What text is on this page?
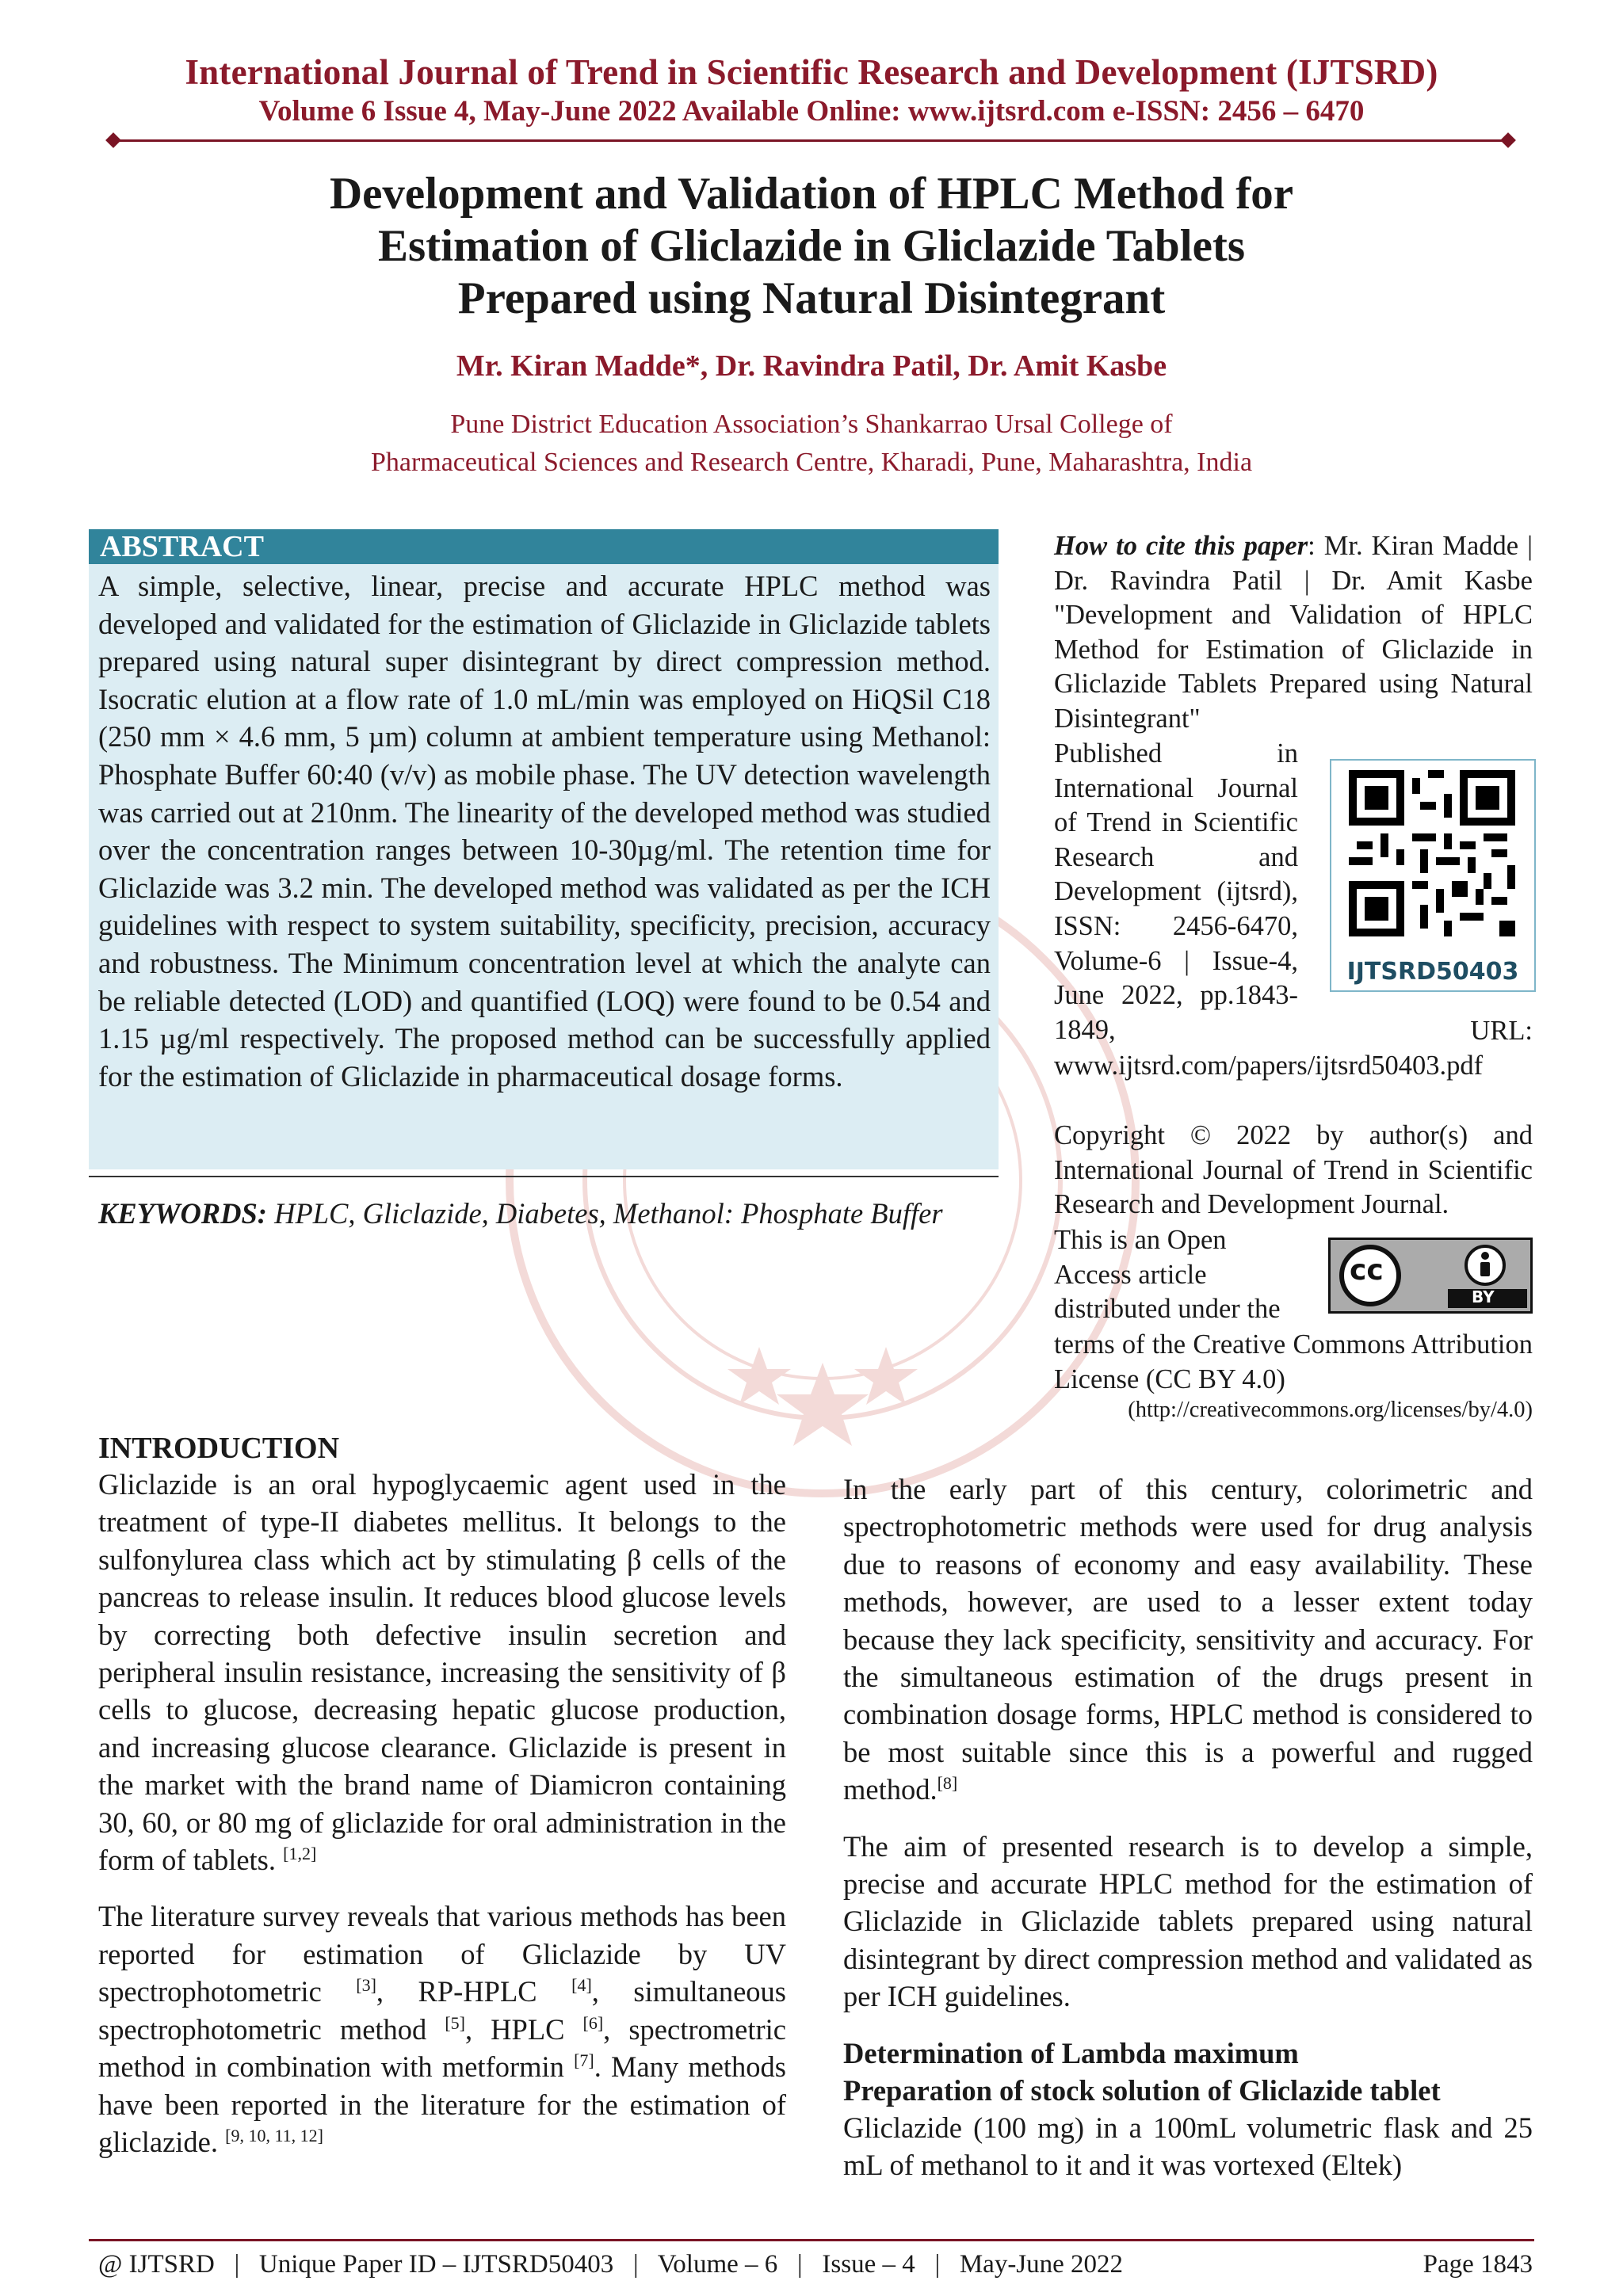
International Journal of Trend in Scientific Research and Development (IJTSRD)
Volume 6 Issue 4, May-June 2022 Available Online: www.ijtsrd.com e-ISSN: 2456 – 6470
Development and Validation of HPLC Method for
Estimation of Gliclazide in Gliclazide Tablets
Prepared using Natural Disintegrant
Mr. Kiran Madde*, Dr. Ravindra Patil, Dr. Amit Kasbe
Pune District Education Association’s Shankarrao Ursal College of
Pharmaceutical Sciences and Research Centre, Kharadi, Pune, Maharashtra, India
ABSTRACT
A simple, selective, linear, precise and accurate HPLC method was developed and validated for the estimation of Gliclazide in Gliclazide tablets prepared using natural super disintegrant by direct compression method. Isocratic elution at a flow rate of 1.0 mL/min was employed on HiQSil C18 (250 mm × 4.6 mm, 5 µm) column at ambient temperature using Methanol: Phosphate Buffer 60:40 (v/v) as mobile phase. The UV detection wavelength was carried out at 210nm. The linearity of the developed method was studied over the concentration ranges between 10-30µg/ml. The retention time for Gliclazide was 3.2 min. The developed method was validated as per the ICH guidelines with respect to system suitability, specificity, precision, accuracy and robustness. The Minimum concentration level at which the analyte can be reliable detected (LOD) and quantified (LOQ) were found to be 0.54 and 1.15 µg/ml respectively. The proposed method can be successfully applied for the estimation of Gliclazide in pharmaceutical dosage forms.
KEYWORDS: HPLC, Gliclazide, Diabetes, Methanol: Phosphate Buffer
How to cite this paper: Mr. Kiran Madde | Dr. Ravindra Patil | Dr. Amit Kasbe "Development and Validation of HPLC Method for Estimation of Gliclazide in Gliclazide Tablets Prepared using Natural Disintegrant"
Published in International Journal of Trend in Scientific Research and Development (ijtsrd), ISSN: 2456-6470, Volume-6 | Issue-4, June 2022, pp.1843-1849,
IJTSRD50403
URL:
www.ijtsrd.com/papers/ijtsrd50403.pdf
Copyright © 2022 by author(s) and International Journal of Trend in Scientific Research and Development Journal.
This is an Open Access article distributed under the
cc
BY
terms of the Creative Commons Attribution License (CC BY 4.0)
(http://creativecommons.org/licenses/by/4.0)
INTRODUCTION

Gliclazide is an oral hypoglycaemic agent used in the treatment of type-II diabetes mellitus. It belongs to the sulfonylurea class which act by stimulating β cells of the pancreas to release insulin. It reduces blood glucose levels by correcting both defective insulin secretion and peripheral insulin resistance, increasing the sensitivity of β cells to glucose, decreasing hepatic glucose production, and increasing glucose clearance. Gliclazide is present in the market with the brand name of Diamicron containing 30, 60, or 80 mg of gliclazide for oral administration in the form of tablets. [1,2]

The literature survey reveals that various methods has been reported for estimation of Gliclazide by UV spectrophotometric [3], RP-HPLC [4], simultaneous spectrophotometric method [5], HPLC [6], spectrometric method in combination with metformin [7]. Many methods have been reported in the literature for the estimation of gliclazide. [9, 10, 11, 12]

In the early part of this century, colorimetric and spectrophotometric methods were used for drug analysis due to reasons of economy and easy availability. These methods, however, are used to a lesser extent today because they lack specificity, sensitivity and accuracy. For the simultaneous estimation of the drugs present in combination dosage forms, HPLC method is considered to be most suitable since this is a powerful and rugged method.[8]

The aim of presented research is to develop a simple, precise and accurate HPLC method for the estimation of Gliclazide in Gliclazide tablets prepared using natural disintegrant by direct compression method and validated as per ICH guidelines.

Determination of Lambda maximum
Preparation of stock solution of Gliclazide tablet
Gliclazide (100 mg) in a 100mL volumetric flask and 25 mL of methanol to it and it was vortexed (Eltek)
@ IJTSRD   |   Unique Paper ID – IJTSRD50403   |   Volume – 6   |   Issue – 4   |   May-June 2022	Page 1843
